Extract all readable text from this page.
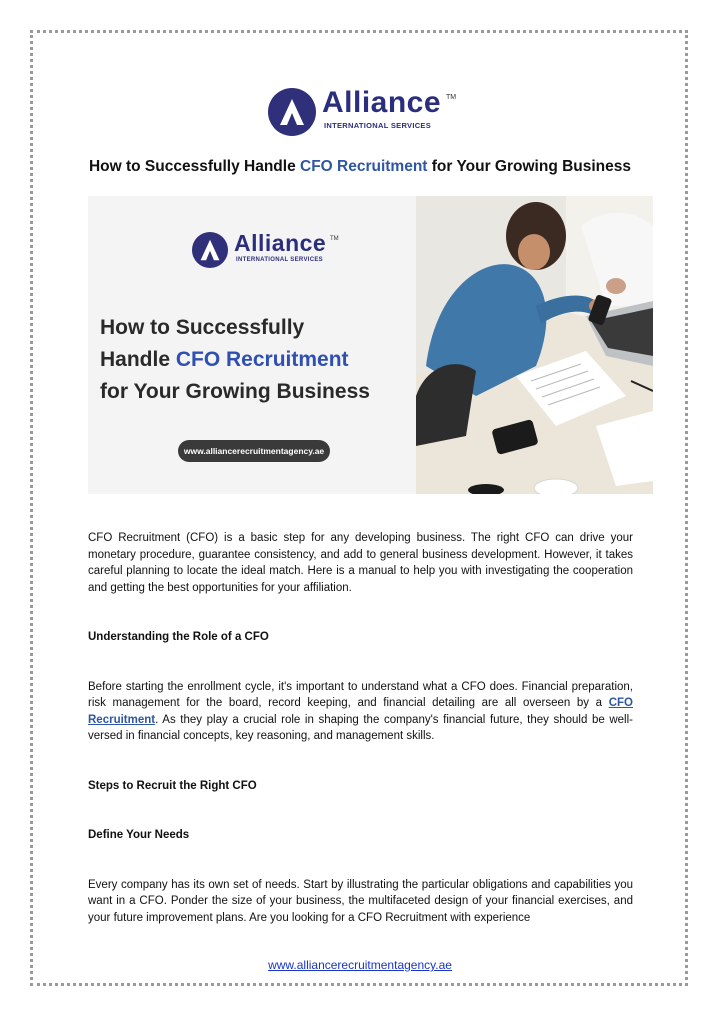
Alliance TM
INTERNATIONAL SERVICES
How to Successfully Handle CFO Recruitment for Your Growing Business
Alliance TM
INTERNATIONAL SERVICES
How to Successfully
Handle CFO Recruitment
for Your Growing Business
www.alliancerecruitmentagency.ae

CFO Recruitment (CFO) is a basic step for any developing business. The right CFO can drive your monetary procedure, guarantee consistency, and add to general business development. However, it takes careful planning to locate the ideal match. Here is a manual to help you with investigating the cooperation and getting the best opportunities for your affiliation.

Understanding the Role of a CFO

Before starting the enrollment cycle, it's important to understand what a CFO does. Financial preparation, risk management for the board, record keeping, and financial detailing are all overseen by a CFO Recruitment. As they play a crucial role in shaping the company's financial future, they should be well-versed in financial concepts, key reasoning, and management skills.

Steps to Recruit the Right CFO

Define Your Needs

Every company has its own set of needs. Start by illustrating the particular obligations and capabilities you want in a CFO. Ponder the size of your business, the multifaceted design of your financial exercises, and your future improvement plans. Are you looking for a CFO Recruitment with experience

www.alliancerecruitmentagency.ae
